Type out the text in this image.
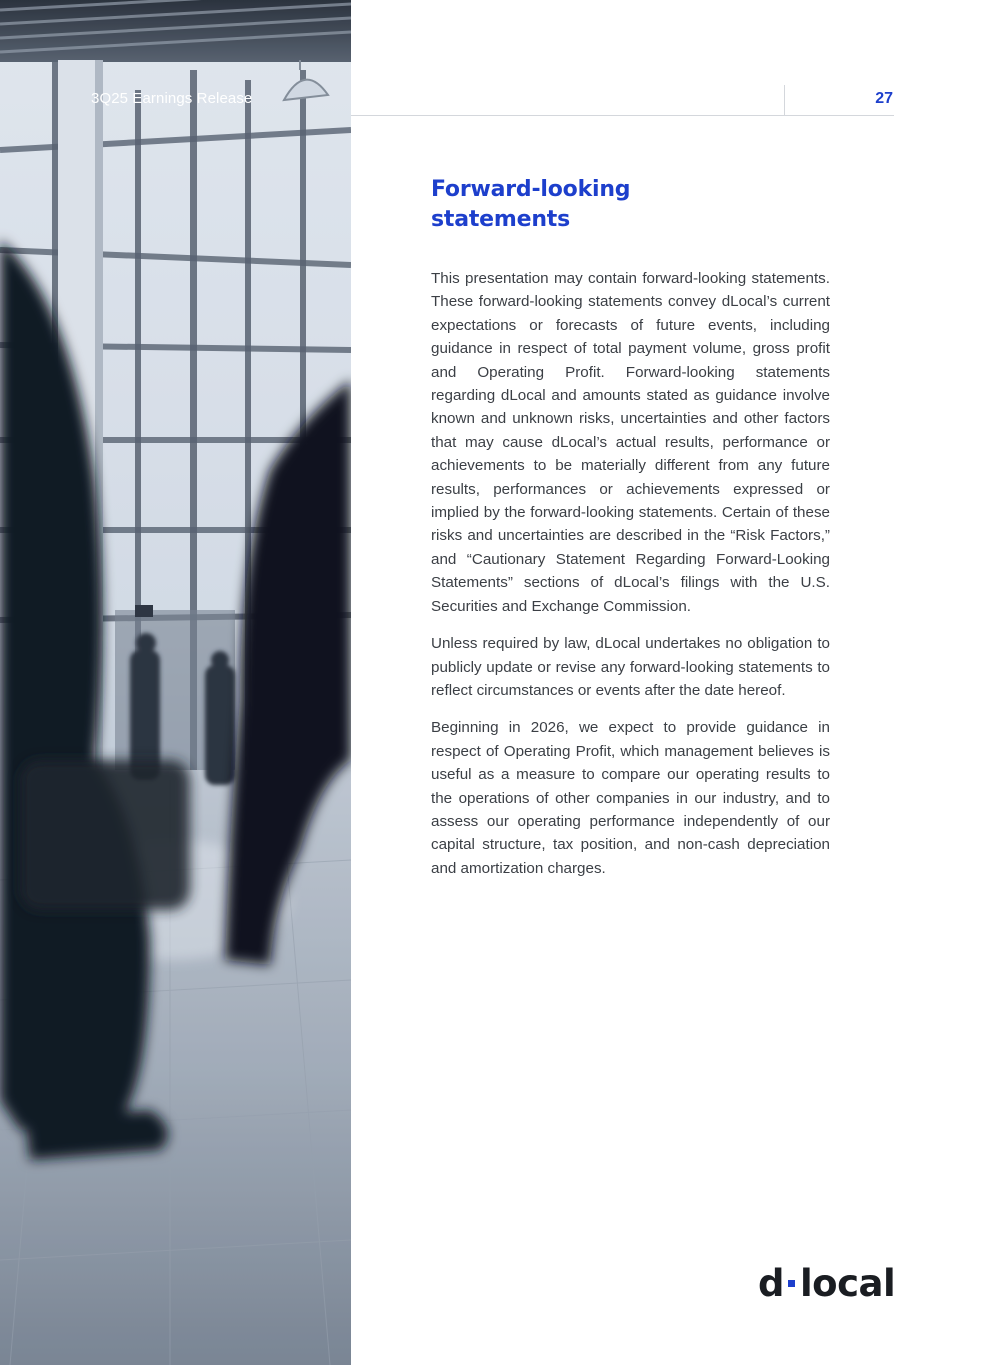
3Q25 Earnings Release	27
Forward-looking
statements

This presentation may contain forward-looking statements. These forward-looking statements convey dLocal’s current expectations or forecasts of future events, including guidance in respect of total payment volume, gross profit and Operating Profit. Forward-looking statements regarding dLocal and amounts stated as guidance involve known and unknown risks, uncertainties and other factors that may cause dLocal’s actual results, performance or achievements to be materially different from any future results, performances or achievements expressed or implied by the forward-looking statements. Certain of these risks and uncertainties are described in the “Risk Factors,” and “Cautionary Statement Regarding Forward-Looking Statements” sections of dLocal’s filings with the U.S. Securities and Exchange Commission.

Unless required by law, dLocal undertakes no obligation to publicly update or revise any forward-looking statements to reflect circumstances or events after the date hereof.

Beginning in 2026, we expect to provide guidance in respect of Operating Profit, which management believes is useful as a measure to compare our operating results to the operations of other companies in our industry, and to assess our operating performance independently of our capital structure, tax position, and non-cash depreciation and amortization charges.

d local
